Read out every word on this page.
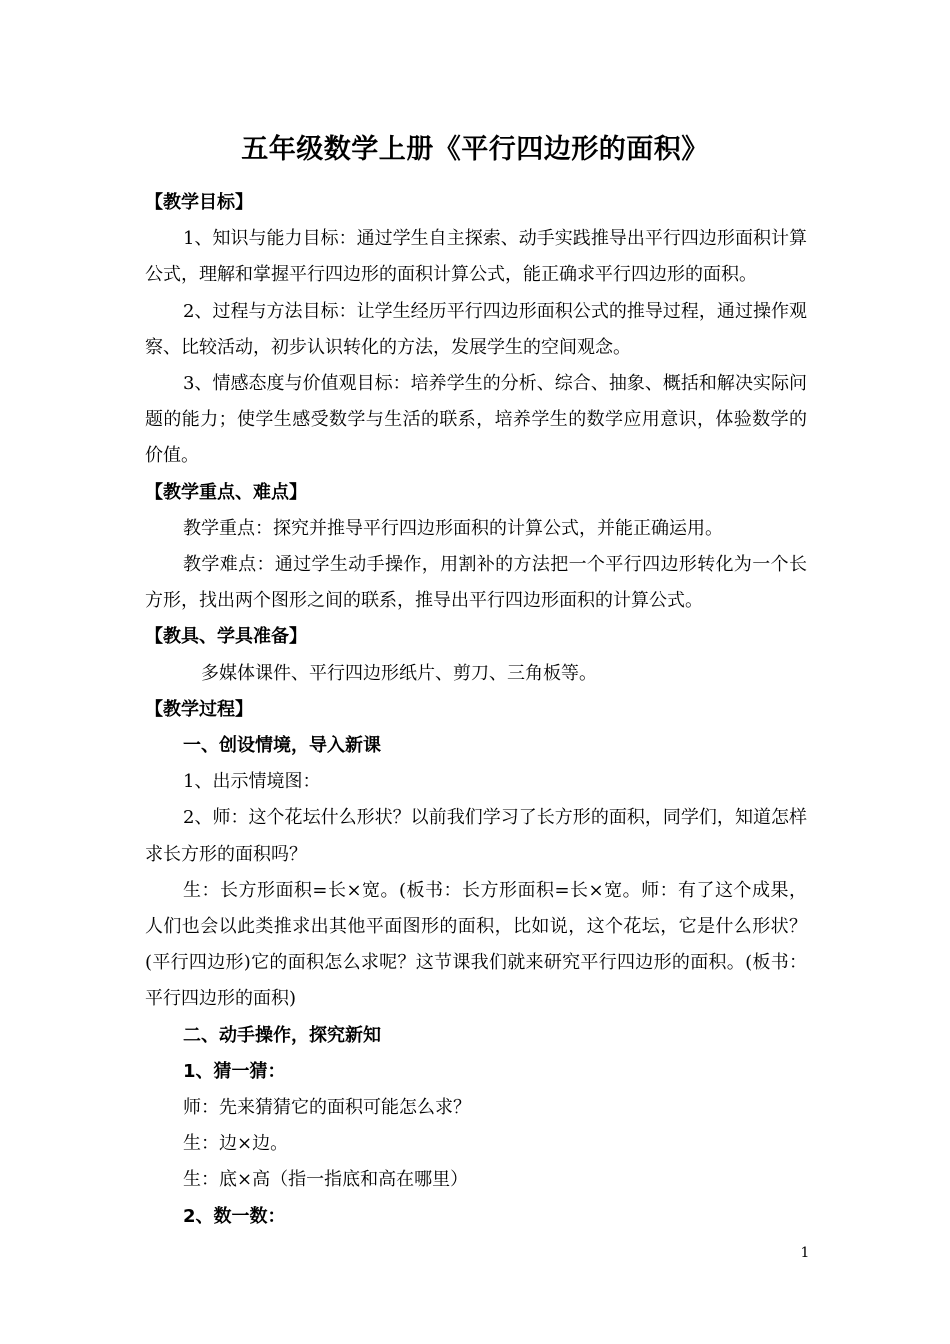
五年级数学上册《平行四边形的面积》

【教学目标】

1、知识与能力目标：通过学生自主探索、动手实践推导出平行四边形面积计算公式，理解和掌握平行四边形的面积计算公式，能正确求平行四边形的面积。

2、过程与方法目标：让学生经历平行四边形面积公式的推导过程，通过操作观察、比较活动，初步认识转化的方法，发展学生的空间观念。

3、情感态度与价值观目标：培养学生的分析、综合、抽象、概括和解决实际问题的能力；使学生感受数学与生活的联系，培养学生的数学应用意识，体验数学的价值。

【教学重点、难点】

教学重点：探究并推导平行四边形面积的计算公式，并能正确运用。

教学难点：通过学生动手操作，用割补的方法把一个平行四边形转化为一个长方形，找出两个图形之间的联系，推导出平行四边形面积的计算公式。

【教具、学具准备】

多媒体课件、平行四边形纸片、剪刀、三角板等。

【教学过程】

一、创设情境，导入新课

1、出示情境图：

2、师：这个花坛什么形状？以前我们学习了长方形的面积，同学们，知道怎样求长方形的面积吗？

生：长方形面积=长×宽。(板书：长方形面积=长×宽。师：有了这个成果，人们也会以此类推求出其他平面图形的面积，比如说，这个花坛，它是什么形状？(平行四边形)它的面积怎么求呢？这节课我们就来研究平行四边形的面积。(板书：平行四边形的面积)

二、动手操作，探究新知

1、猜一猜：

师：先来猜猜它的面积可能怎么求？

生：边×边。

生：底×高（指一指底和高在哪里）

2、数一数：

1
